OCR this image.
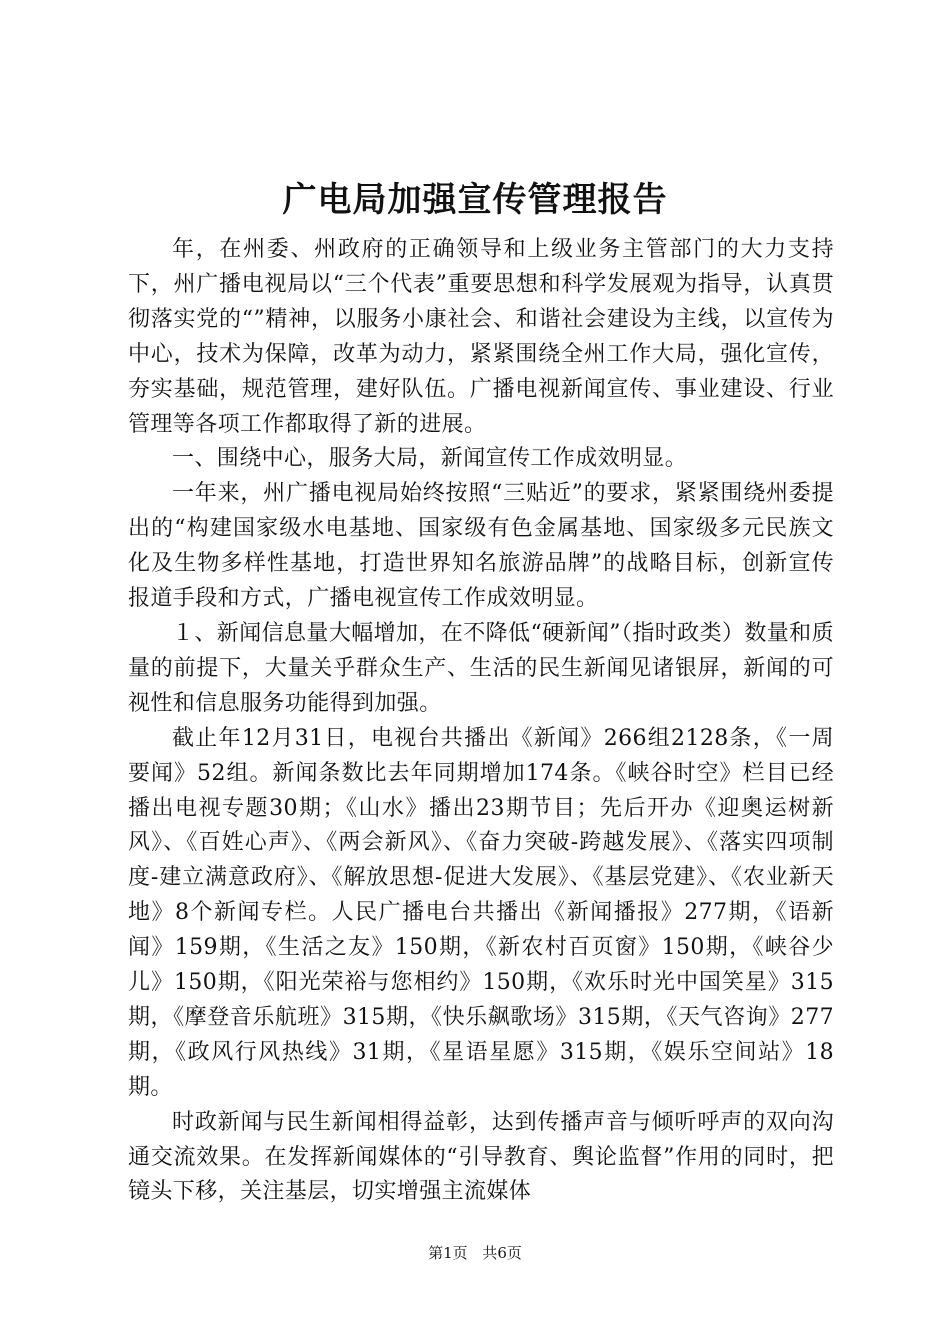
广电局加强宣传管理报告

年，在州委、州政府的正确领导和上级业务主管部门的大力支持下，州广播电视局以“三个代表”重要思想和科学发展观为指导，认真贯彻落实党的“”精神，以服务小康社会、和谐社会建设为主线，以宣传为中心，技术为保障，改革为动力，紧紧围绕全州工作大局，强化宣传，夯实基础，规范管理，建好队伍。广播电视新闻宣传、事业建设、行业管理等各项工作都取得了新的进展。

一、围绕中心，服务大局，新闻宣传工作成效明显。

一年来，州广播电视局始终按照“三贴近”的要求，紧紧围绕州委提出的“构建国家级水电基地、国家级有色金属基地、国家级多元民族文化及生物多样性基地，打造世界知名旅游品牌”的战略目标，创新宣传报道手段和方式，广播电视宣传工作成效明显。

１、新闻信息量大幅增加，在不降低“硬新闻”（指时政类）数量和质量的前提下，大量关乎群众生产、生活的民生新闻见诸银屏，新闻的可视性和信息服务功能得到加强。

截止年12月31日，电视台共播出《新闻》266组2128条，《一周要闻》52组。新闻条数比去年同期增加174条。《峡谷时空》栏目已经播出电视专题30期；《山水》播出23期节目；先后开办《迎奥运树新风》、《百姓心声》、《两会新风》、《奋力突破-跨越发展》、《落实四项制度-建立满意政府》、《解放思想-促进大发展》、《基层党建》、《农业新天地》8个新闻专栏。人民广播电台共播出《新闻播报》277期，《语新闻》159期，《生活之友》150期，《新农村百页窗》150期，《峡谷少儿》150期，《阳光荣裕与您相约》150期，《欢乐时光中国笑星》315期，《摩登音乐航班》315期，《快乐飙歌场》315期，《天气咨询》277期，《政风行风热线》31期，《星语星愿》315期，《娱乐空间站》18期。

时政新闻与民生新闻相得益彰，达到传播声音与倾听呼声的双向沟通交流效果。在发挥新闻媒体的“引导教育、舆论监督”作用的同时，把镜头下移，关注基层，切实增强主流媒体

第1页 共6页
